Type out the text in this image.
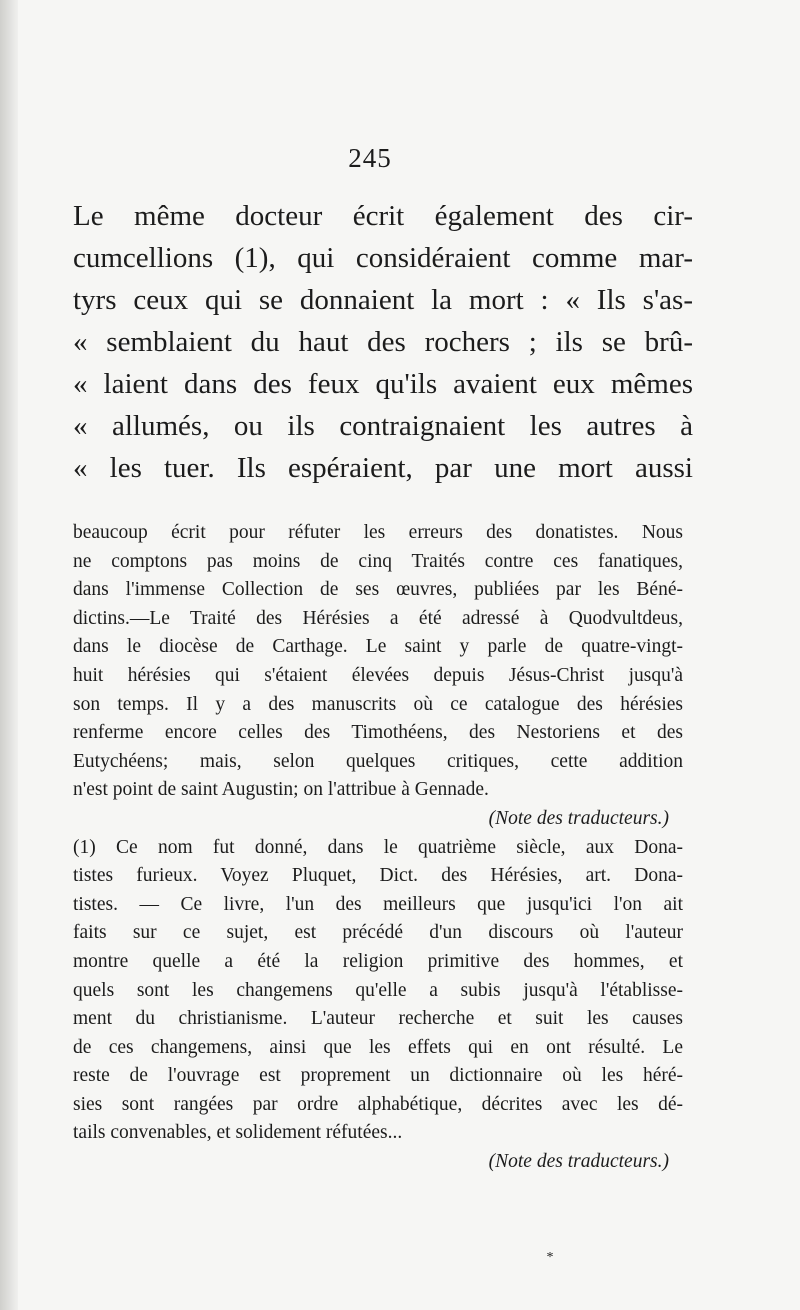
245
Le même docteur écrit également des cir-
cumcellions (1), qui considéraient comme mar-
tyrs ceux qui se donnaient la mort : « Ils s'as-
« semblaient du haut des rochers ; ils se brû-
« laient dans des feux qu'ils avaient eux mêmes
« allumés, ou ils contraignaient les autres à
« les tuer. Ils espéraient, par une mort aussi
beaucoup écrit pour réfuter les erreurs des donatistes. Nous
ne comptons pas moins de cinq Traités contre ces fanatiques,
dans l'immense Collection de ses œuvres, publiées par les Béné-
dictins.—Le Traité des Hérésies a été adressé à Quodvultdeus,
dans le diocèse de Carthage. Le saint y parle de quatre-vingt-
huit hérésies qui s'étaient élevées depuis Jésus-Christ jusqu'à
son temps. Il y a des manuscrits où ce catalogue des hérésies
renferme encore celles des Timothéens, des Nestoriens et des
Eutychéens; mais, selon quelques critiques, cette addition
n'est point de saint Augustin; on l'attribue à Gennade.
(Note des traducteurs.)
(1) Ce nom fut donné, dans le quatrième siècle, aux Dona-
tistes furieux. Voyez Pluquet, Dict. des Hérésies, art. Dona-
tistes. — Ce livre, l'un des meilleurs que jusqu'ici l'on ait
faits sur ce sujet, est précédé d'un discours où l'auteur
montre quelle a été la religion primitive des hommes, et
quels sont les changemens qu'elle a subis jusqu'à l'établisse-
ment du christianisme. L'auteur recherche et suit les causes
de ces changemens, ainsi que les effets qui en ont résulté. Le
reste de l'ouvrage est proprement un dictionnaire où les héré-
sies sont rangées par ordre alphabétique, décrites avec les dé-
tails convenables, et solidement réfutées...
(Note des traducteurs.)
*
